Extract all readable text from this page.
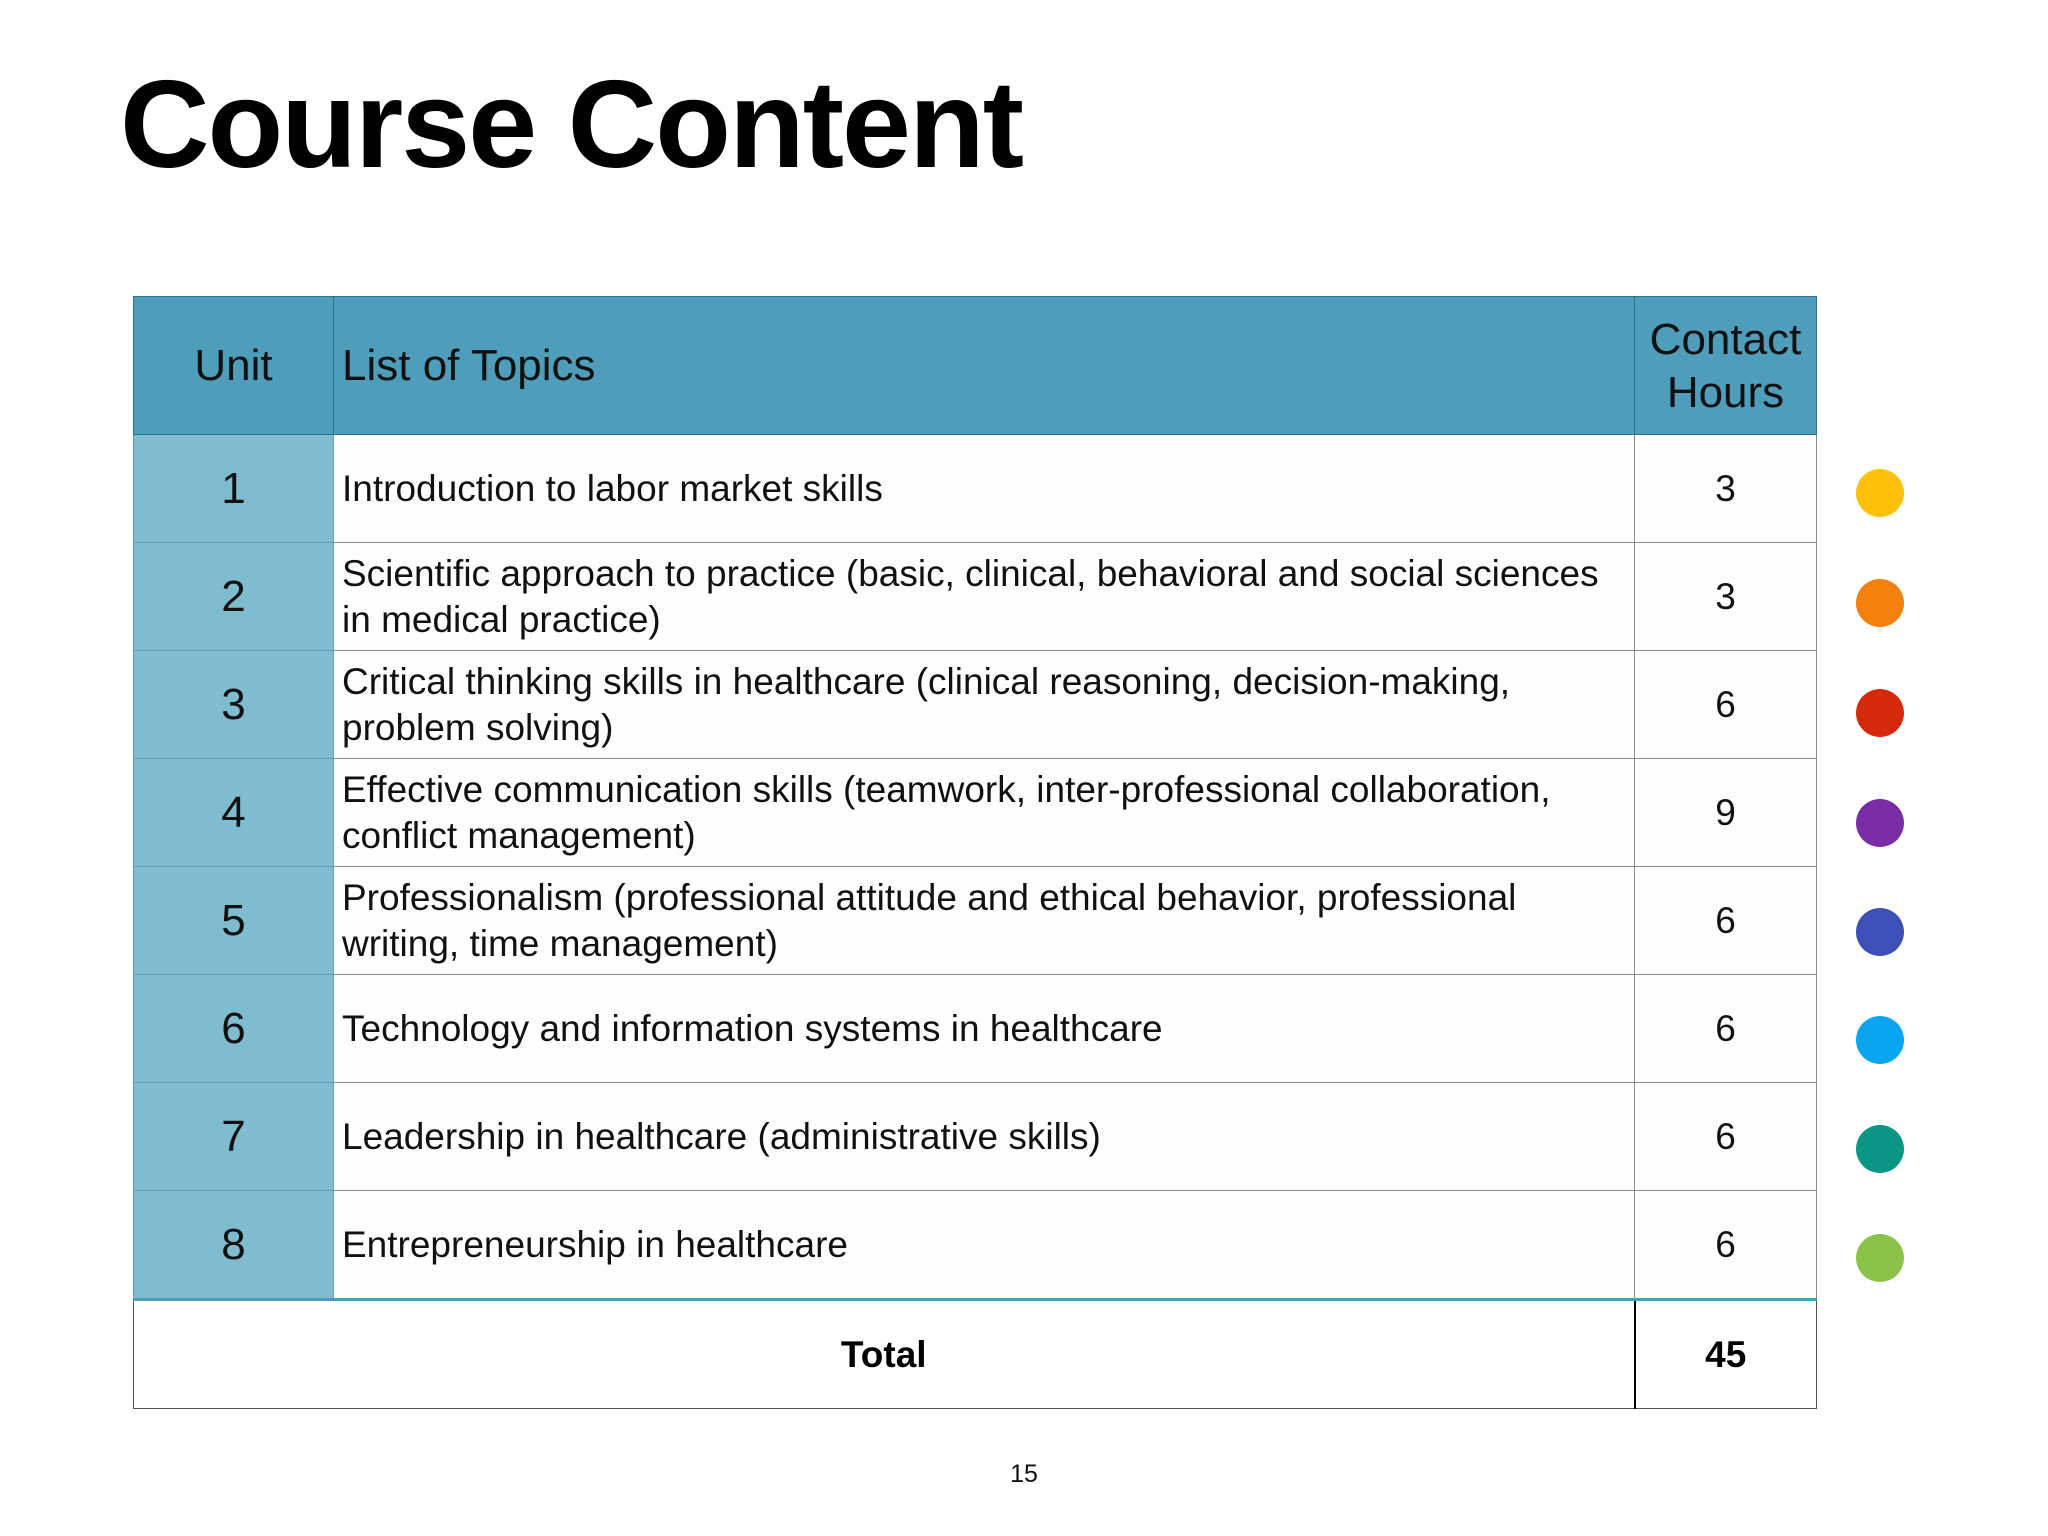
Course Content
Unit	List of Topics	Contact
Hours
1	Introduction to labor market skills	3
2	Scientific approach to practice (basic, clinical, behavioral and social sciences in medical practice)	3
3	Critical thinking skills in healthcare (clinical reasoning, decision-making, problem solving)	6
4	Effective communication skills (teamwork, inter-professional collaboration, conflict management)	9
5	Professionalism (professional attitude and ethical behavior, professional writing, time management)	6
6	Technology and information systems in healthcare	6
7	Leadership in healthcare (administrative skills)	6
8	Entrepreneurship in healthcare	6
Total		45
15
